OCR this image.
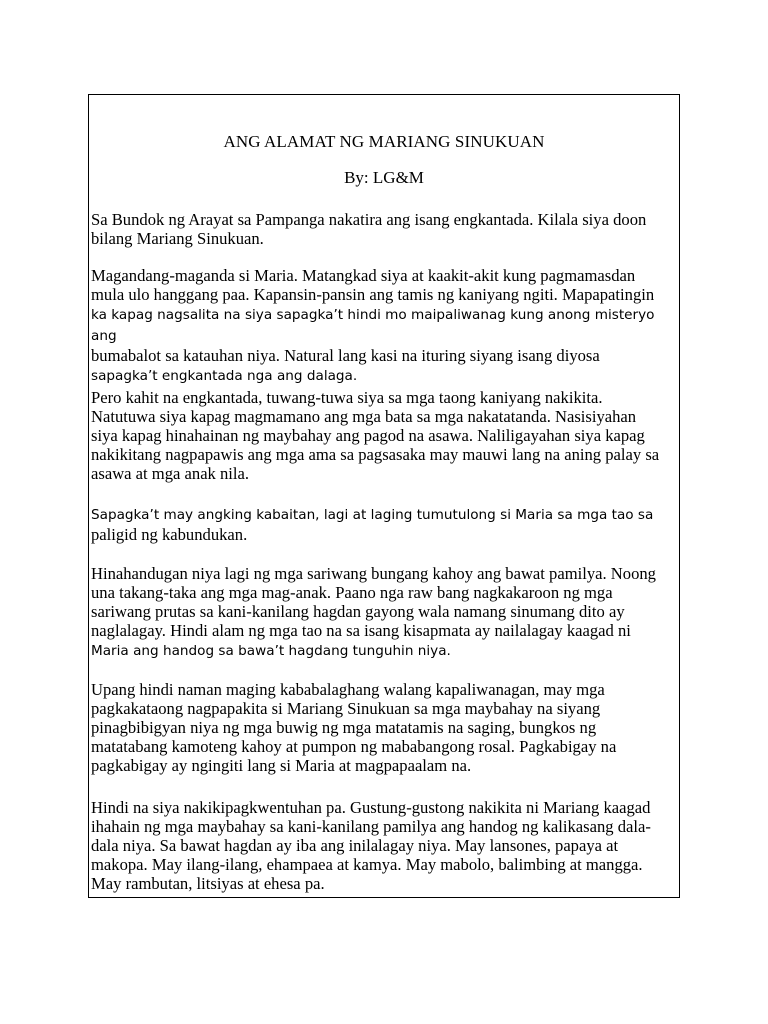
ANG ALAMAT NG MARIANG SINUKUAN
By: LG&M

Sa Bundok ng Arayat sa Pampanga nakatira ang isang engkantada. Kilala siya doon
bilang Mariang Sinukuan.

Magandang-maganda si Maria. Matangkad siya at kaakit-akit kung pagmamasdan
mula ulo hanggang paa. Kapansin-pansin ang tamis ng kaniyang ngiti. Mapapatingin
ka kapag nagsalita na siya sapagka’t hindi mo maipaliwanag kung anong misteryo ang
bumabalot sa katauhan niya. Natural lang kasi na ituring siyang isang diyosa
sapagka’t engkantada nga ang dalaga.

Pero kahit na engkantada, tuwang-tuwa siya sa mga taong kaniyang nakikita.
Natutuwa siya kapag magmamano ang mga bata sa mga nakatatanda. Nasisiyahan
siya kapag hinahainan ng maybahay ang pagod na asawa. Naliligayahan siya kapag
nakikitang nagpapawis ang mga ama sa pagsasaka may mauwi lang na aning palay sa
asawa at mga anak nila.

Sapagka’t may angking kabaitan, lagi at laging tumutulong si Maria sa mga tao sa
paligid ng kabundukan.

Hinahandugan niya lagi ng mga sariwang bungang kahoy ang bawat pamilya. Noong
una takang-taka ang mga mag-anak. Paano nga raw bang nagkakaroon ng mga
sariwang prutas sa kani-kanilang hagdan gayong wala namang sinumang dito ay
naglalagay. Hindi alam ng mga tao na sa isang kisapmata ay nailalagay kaagad ni
Maria ang handog sa bawa’t hagdang tunguhin niya.

Upang hindi naman maging kababalaghang walang kapaliwanagan, may mga
pagkakataong nagpapakita si Mariang Sinukuan sa mga maybahay na siyang
pinagbibigyan niya ng mga buwig ng mga matatamis na saging, bungkos ng
matatabang kamoteng kahoy at pumpon ng mababangong rosal. Pagkabigay na
pagkabigay ay ngingiti lang si Maria at magpapaalam na.

Hindi na siya nakikipagkwentuhan pa. Gustung-gustong nakikita ni Mariang kaagad
ihahain ng mga maybahay sa kani-kanilang pamilya ang handog ng kalikasang dala-
dala niya. Sa bawat hagdan ay iba ang inilalagay niya. May lansones, papaya at
makopa. May ilang-ilang, ehampaea at kamya. May mabolo, balimbing at mangga.
May rambutan, litsiyas at ehesa pa.
